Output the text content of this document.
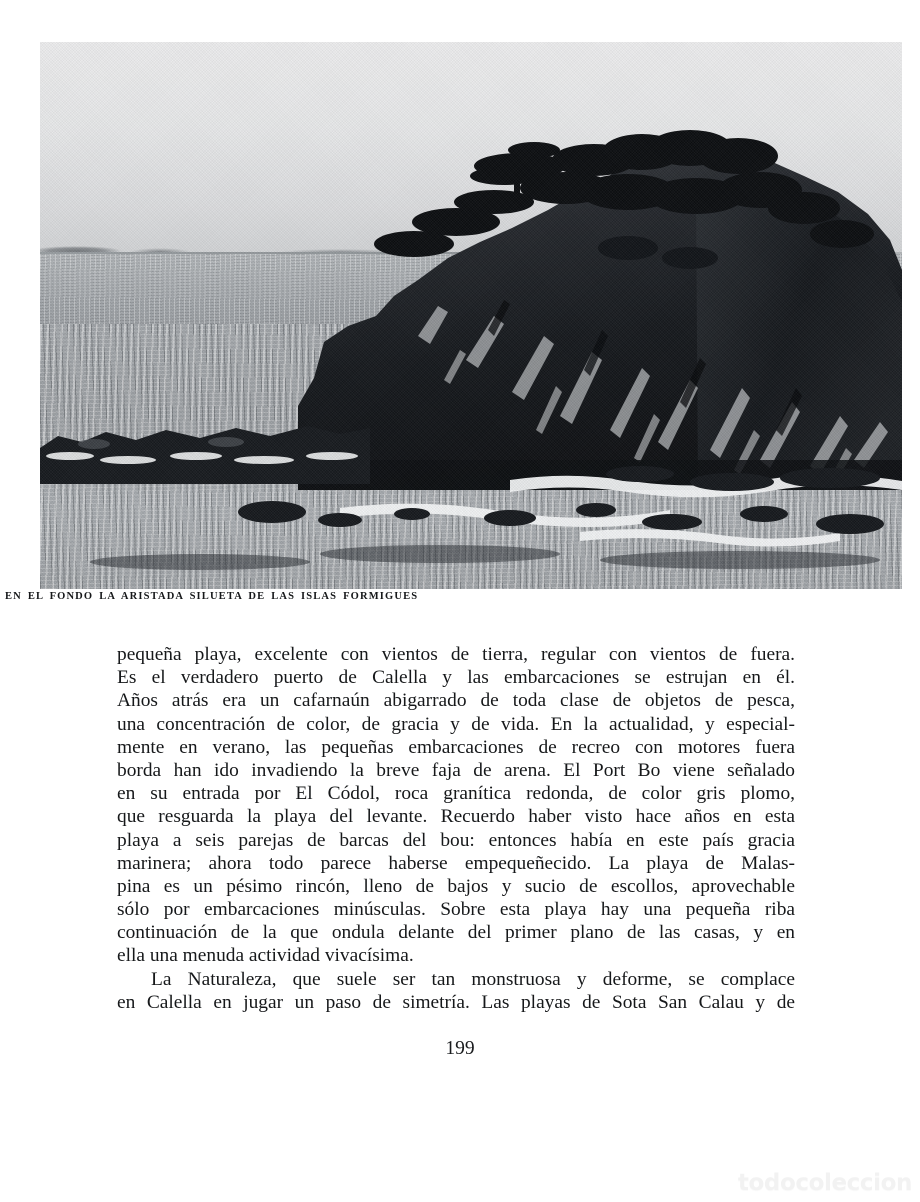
EN EL FONDO LA ARISTADA SILUETA DE LAS ISLAS FORMIGUES

pequeña playa, excelente con vientos de tierra, regular con vientos de fuera.
Es el verdadero puerto de Calella y las embarcaciones se estrujan en él.
Años atrás era un cafarnaún abigarrado de toda clase de objetos de pesca,
una concentración de color, de gracia y de vida. En la actualidad, y especial-
mente en verano, las pequeñas embarcaciones de recreo con motores fuera
borda han ido invadiendo la breve faja de arena. El Port Bo viene señalado
en su entrada por El Códol, roca granítica redonda, de color gris plomo,
que resguarda la playa del levante. Recuerdo haber visto hace años en esta
playa a seis parejas de barcas del bou: entonces había en este país gracia
marinera; ahora todo parece haberse empequeñecido. La playa de Malas-
pina es un pésimo rincón, lleno de bajos y sucio de escollos, aprovechable
sólo por embarcaciones minúsculas. Sobre esta playa hay una pequeña riba
continuación de la que ondula delante del primer plano de las casas, y en
ella una menuda actividad vivacísima.

La Naturaleza, que suele ser tan monstruosa y deforme, se complace
en Calella en jugar un paso de simetría. Las playas de Sota San Calau y de

199
todocoleccion
